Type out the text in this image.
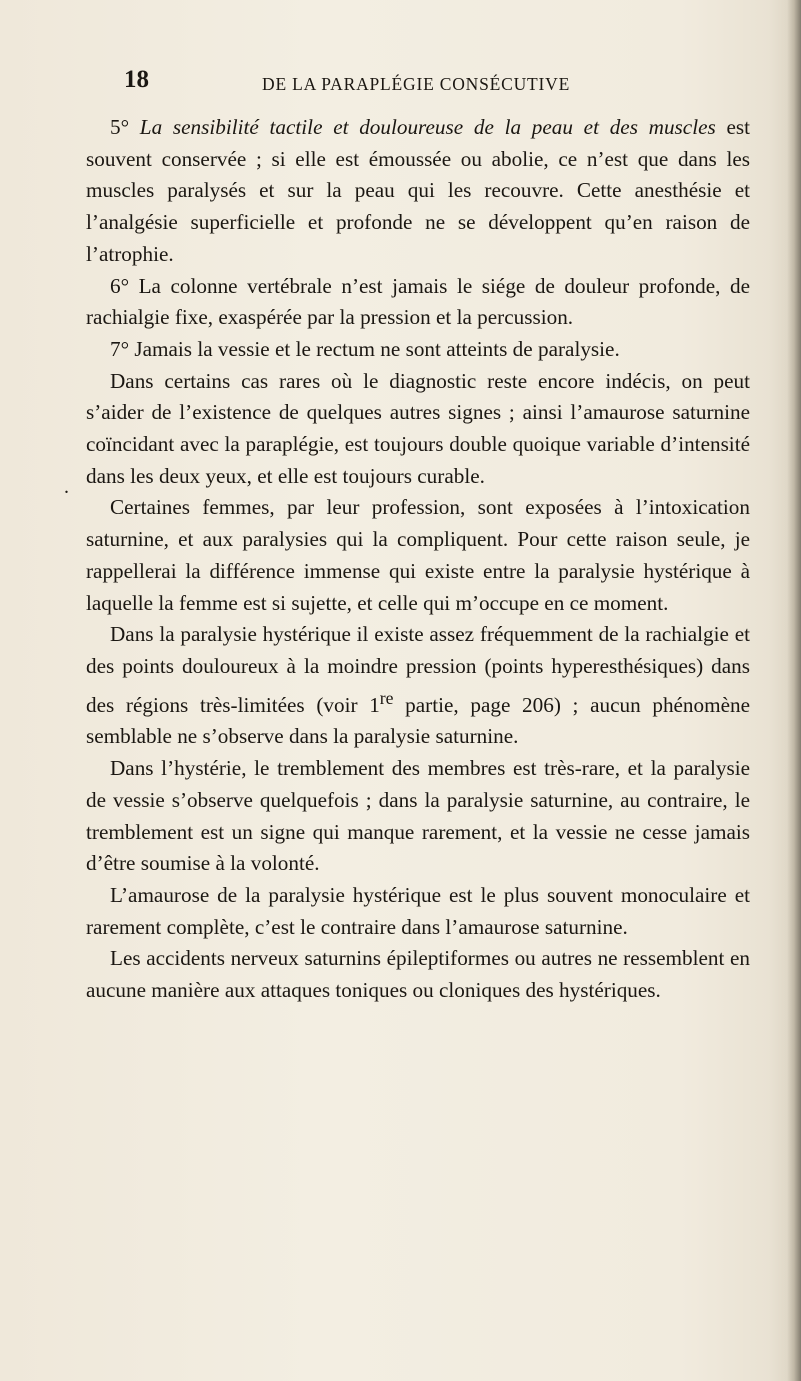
18	DE LA PARAPLÉGIE CONSÉCUTIVE
.

5° La sensibilité tactile et douloureuse de la peau et des muscles est souvent conservée ; si elle est émoussée ou abolie, ce n’est que dans les muscles paralysés et sur la peau qui les recouvre. Cette anesthésie et l’analgésie superficielle et profonde ne se développent qu’en raison de l’atrophie.

6° La colonne vertébrale n’est jamais le siége de douleur profonde, de rachialgie fixe, exaspérée par la pression et la percussion.

7° Jamais la vessie et le rectum ne sont atteints de paralysie.

Dans certains cas rares où le diagnostic reste encore indécis, on peut s’aider de l’existence de quelques autres signes ; ainsi l’amaurose saturnine coïncidant avec la paraplégie, est toujours double quoique variable d’intensité dans les deux yeux, et elle est toujours curable.

Certaines femmes, par leur profession, sont exposées à l’intoxication saturnine, et aux paralysies qui la compliquent. Pour cette raison seule, je rappellerai la différence immense qui existe entre la paralysie hystérique à laquelle la femme est si sujette, et celle qui m’occupe en ce moment.

Dans la paralysie hystérique il existe assez fréquemment de la rachialgie et des points douloureux à la moindre pression (points hyperesthésiques) dans des régions très-limitées (voir 1re partie, page 206) ; aucun phénomène semblable ne s’observe dans la paralysie saturnine.

Dans l’hystérie, le tremblement des membres est très-rare, et la paralysie de vessie s’observe quelquefois ; dans la paralysie saturnine, au contraire, le tremblement est un signe qui manque rarement, et la vessie ne cesse jamais d’être soumise à la volonté.

L’amaurose de la paralysie hystérique est le plus souvent monoculaire et rarement complète, c’est le contraire dans l’amaurose saturnine.

Les accidents nerveux saturnins épileptiformes ou autres ne ressemblent en aucune manière aux attaques toniques ou cloniques des hystériques.
